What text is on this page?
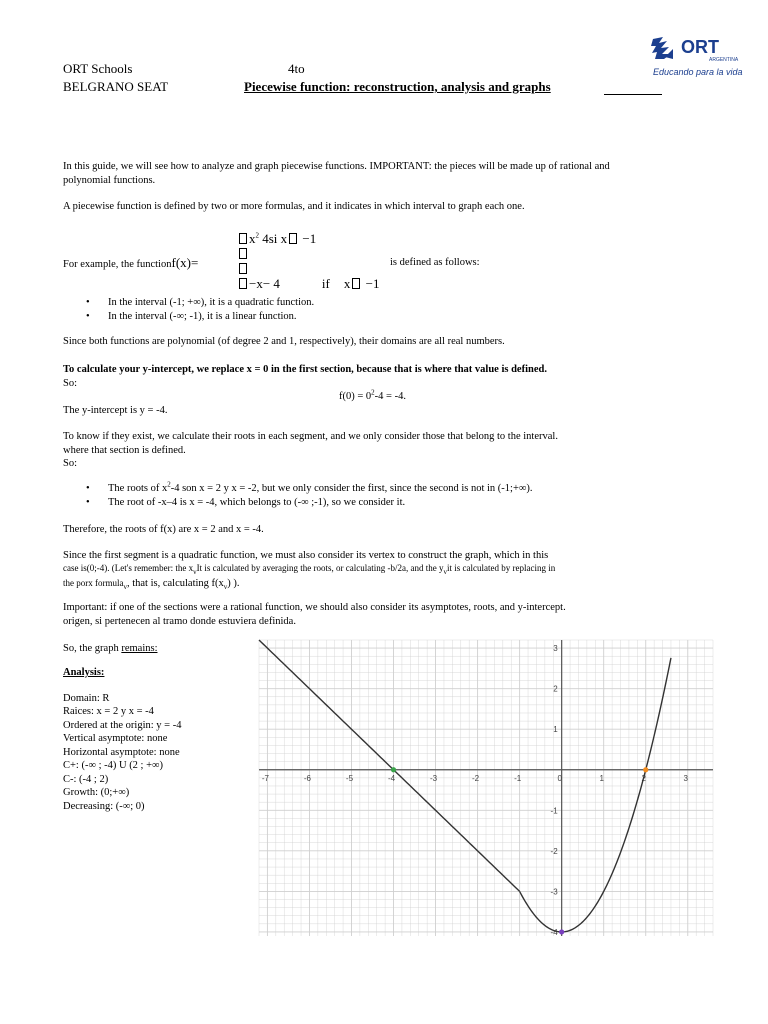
ORT Schools	4to
BELGRANO SEAT	Piecewise function: reconstruction, analysis and graphs
ORT
ARGENTINA
Educando para la vida
In this guide, we will see how to analyze and graph piecewise functions. IMPORTANT: the pieces will be made up of rational and polynomial functions.
A piecewise function is defined by two or more formulas, and it indicates in which interval to graph each one.
$x^2$ 4si x −1
For example, the functionf(x)=	is defined as follows:
−x− 4	if x −1
• In the interval (-1; +∞), it is a quadratic function.
• In the interval (-∞; -1), it is a linear function.
Since both functions are polynomial (of degree 2 and 1, respectively), their domains are all real numbers.
To calculate your y-intercept, we replace x = 0 in the first section, because that is where that value is defined.
So:
$f(0) = 0^2-4 = -4$.
The y-intercept is y = -4.
To know if they exist, we calculate their roots in each segment, and we only consider those that belong to the interval.
where that section is defined.
So:
• The roots of $x^2-4$ son x = 2 y x = -2, but we only consider the first, since the second is not in (-1;+∞).
• The root of -x–4 is x = -4, which belongs to (-∞ ;-1), so we consider it.
Therefore, the roots of f(x) are x = 2 and x = -4.
Since the first segment is a quadratic function, we must also consider its vertex to construct the graph, which in this
case is(0;-4). (Let's remember: the $x_vIt$ is calculated by averaging the roots, or calculating -b/2a, and the $y_vit$ is calculated by replacing in
the porx formula$_v$, that is, calculating $f(x_v)$ ).
Important: if one of the sections were a rational function, we should also consider its asymptotes, roots, and y-intercept.
origen, si pertenecen al tramo donde estuviera definida.
So, the graph remains:
Analysis:
Domain: R
Raices: x = 2 y x = -4
Ordered at the origin: y = -4
Vertical asymptote: none
Horizontal asymptote: none
C+: (-∞ ; -4) U (2 ; +∞)
C-: (-4 ; 2)
Growth: (0;+∞)
Decreasing: (-∞; 0)
-7	-6	-5	-4	-3	-2	-1	0	1	2	3
3
2
1
-1
-2
-3
-4
